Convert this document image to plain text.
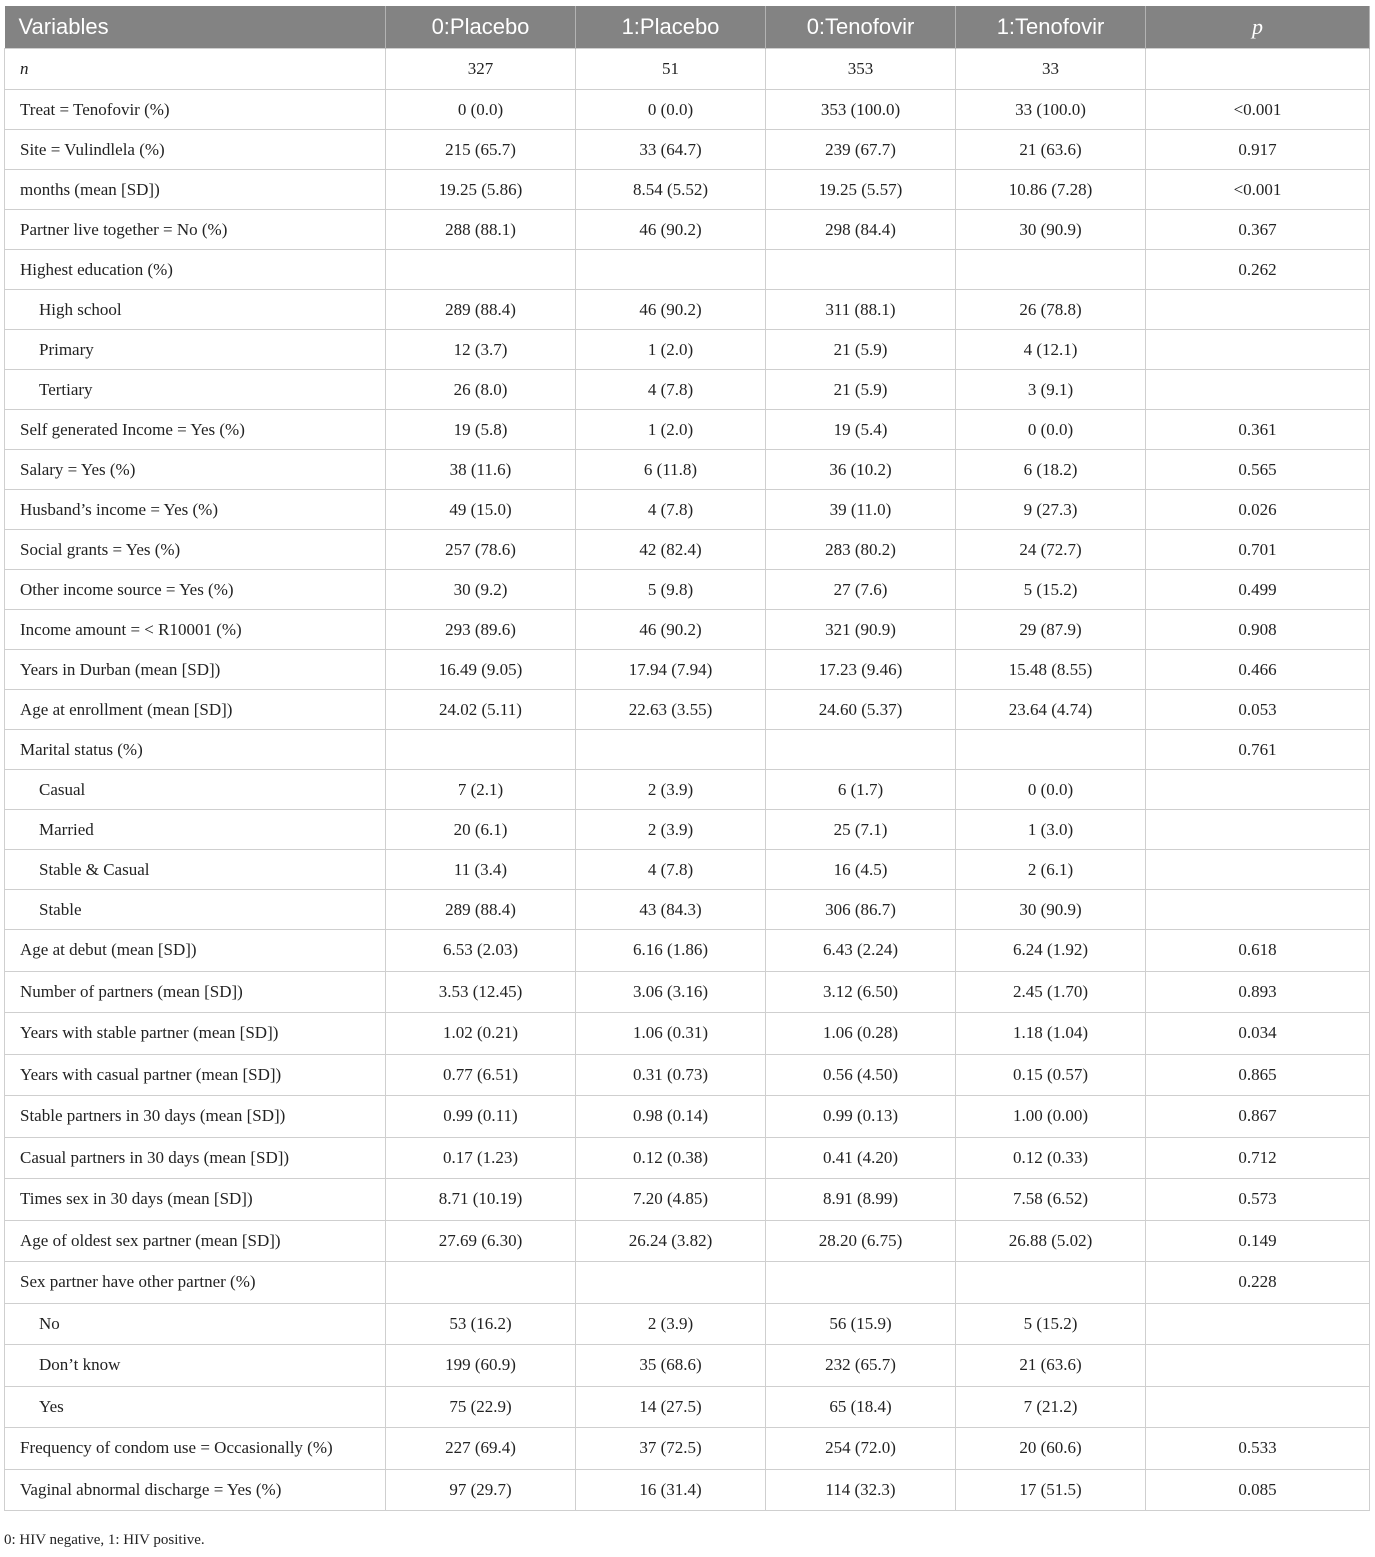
Variables	0:Placebo	1:Placebo	0:Tenofovir	1:Tenofovir	p
n	327	51	353	33	
Treat = Tenofovir (%)	0 (0.0)	0 (0.0)	353 (100.0)	33 (100.0)	<0.001
Site = Vulindlela (%)	215 (65.7)	33 (64.7)	239 (67.7)	21 (63.6)	0.917
months (mean [SD])	19.25 (5.86)	8.54 (5.52)	19.25 (5.57)	10.86 (7.28)	<0.001
Partner live together = No (%)	288 (88.1)	46 (90.2)	298 (84.4)	30 (90.9)	0.367
Highest education (%)					0.262
High school	289 (88.4)	46 (90.2)	311 (88.1)	26 (78.8)	
Primary	12 (3.7)	1 (2.0)	21 (5.9)	4 (12.1)	
Tertiary	26 (8.0)	4 (7.8)	21 (5.9)	3 (9.1)	
Self generated Income = Yes (%)	19 (5.8)	1 (2.0)	19 (5.4)	0 (0.0)	0.361
Salary = Yes (%)	38 (11.6)	6 (11.8)	36 (10.2)	6 (18.2)	0.565
Husband’s income = Yes (%)	49 (15.0)	4 (7.8)	39 (11.0)	9 (27.3)	0.026
Social grants = Yes (%)	257 (78.6)	42 (82.4)	283 (80.2)	24 (72.7)	0.701
Other income source = Yes (%)	30 (9.2)	5 (9.8)	27 (7.6)	5 (15.2)	0.499
Income amount = < R10001 (%)	293 (89.6)	46 (90.2)	321 (90.9)	29 (87.9)	0.908
Years in Durban (mean [SD])	16.49 (9.05)	17.94 (7.94)	17.23 (9.46)	15.48 (8.55)	0.466
Age at enrollment (mean [SD])	24.02 (5.11)	22.63 (3.55)	24.60 (5.37)	23.64 (4.74)	0.053
Marital status (%)					0.761
Casual	7 (2.1)	2 (3.9)	6 (1.7)	0 (0.0)	
Married	20 (6.1)	2 (3.9)	25 (7.1)	1 (3.0)	
Stable & Casual	11 (3.4)	4 (7.8)	16 (4.5)	2 (6.1)	
Stable	289 (88.4)	43 (84.3)	306 (86.7)	30 (90.9)	
Age at debut (mean [SD])	6.53 (2.03)	6.16 (1.86)	6.43 (2.24)	6.24 (1.92)	0.618
Number of partners (mean [SD])	3.53 (12.45)	3.06 (3.16)	3.12 (6.50)	2.45 (1.70)	0.893
Years with stable partner (mean [SD])	1.02 (0.21)	1.06 (0.31)	1.06 (0.28)	1.18 (1.04)	0.034
Years with casual partner (mean [SD])	0.77 (6.51)	0.31 (0.73)	0.56 (4.50)	0.15 (0.57)	0.865
Stable partners in 30 days (mean [SD])	0.99 (0.11)	0.98 (0.14)	0.99 (0.13)	1.00 (0.00)	0.867
Casual partners in 30 days (mean [SD])	0.17 (1.23)	0.12 (0.38)	0.41 (4.20)	0.12 (0.33)	0.712
Times sex in 30 days (mean [SD])	8.71 (10.19)	7.20 (4.85)	8.91 (8.99)	7.58 (6.52)	0.573
Age of oldest sex partner (mean [SD])	27.69 (6.30)	26.24 (3.82)	28.20 (6.75)	26.88 (5.02)	0.149
Sex partner have other partner (%)					0.228
No	53 (16.2)	2 (3.9)	56 (15.9)	5 (15.2)	
Don’t know	199 (60.9)	35 (68.6)	232 (65.7)	21 (63.6)	
Yes	75 (22.9)	14 (27.5)	65 (18.4)	7 (21.2)	
Frequency of condom use = Occasionally (%)	227 (69.4)	37 (72.5)	254 (72.0)	20 (60.6)	0.533
Vaginal abnormal discharge = Yes (%)	97 (29.7)	16 (31.4)	114 (32.3)	17 (51.5)	0.085
0: HIV negative, 1: HIV positive.
